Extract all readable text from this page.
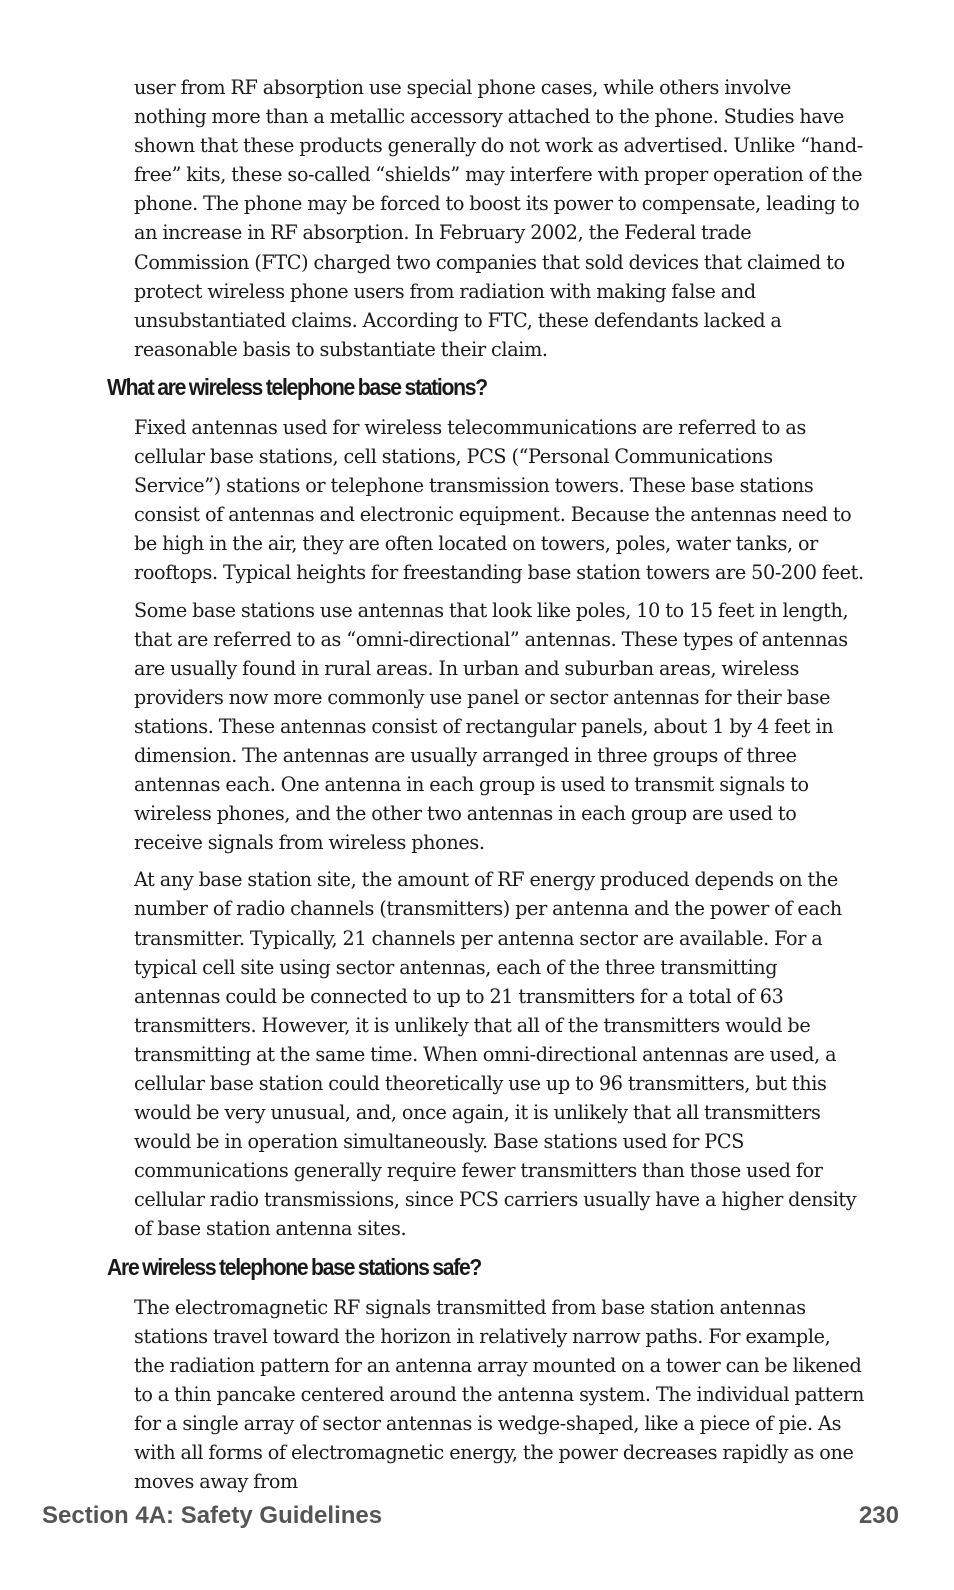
user from RF absorption use special phone cases, while others involve nothing more than a metallic accessory attached to the phone. Studies have shown that these products generally do not work as advertised. Unlike “hand-free” kits, these so-called “shields” may interfere with proper operation of the phone. The phone may be forced to boost its power to compensate, leading to an increase in RF absorption. In February 2002, the Federal trade Commission (FTC) charged two companies that sold devices that claimed to protect wireless phone users from radiation with making false and unsubstantiated claims. According to FTC, these defendants lacked a reasonable basis to substantiate their claim.

What are wireless telephone base stations?

Fixed antennas used for wireless telecommunications are referred to as cellular base stations, cell stations, PCS (“Personal Communications Service”) stations or telephone transmission towers. These base stations consist of antennas and electronic equipment. Because the antennas need to be high in the air, they are often located on towers, poles, water tanks, or rooftops. Typical heights for freestanding base station towers are 50-200 feet.

Some base stations use antennas that look like poles, 10 to 15 feet in length, that are referred to as “omni-directional” antennas. These types of antennas are usually found in rural areas. In urban and suburban areas, wireless providers now more commonly use panel or sector antennas for their base stations. These antennas consist of rectangular panels, about 1 by 4 feet in dimension. The antennas are usually arranged in three groups of three antennas each. One antenna in each group is used to transmit signals to wireless phones, and the other two antennas in each group are used to receive signals from wireless phones.

At any base station site, the amount of RF energy produced depends on the number of radio channels (transmitters) per antenna and the power of each transmitter. Typically, 21 channels per antenna sector are available. For a typical cell site using sector antennas, each of the three transmitting antennas could be connected to up to 21 transmitters for a total of 63 transmitters. However, it is unlikely that all of the transmitters would be transmitting at the same time. When omni-directional antennas are used, a cellular base station could theoretically use up to 96 transmitters, but this would be very unusual, and, once again, it is unlikely that all transmitters would be in operation simultaneously. Base stations used for PCS communications generally require fewer transmitters than those used for cellular radio transmissions, since PCS carriers usually have a higher density of base station antenna sites.

Are wireless telephone base stations safe?

The electromagnetic RF signals transmitted from base station antennas stations travel toward the horizon in relatively narrow paths. For example, the radiation pattern for an antenna array mounted on a tower can be likened to a thin pancake centered around the antenna system. The individual pattern for a single array of sector antennas is wedge-shaped, like a piece of pie. As with all forms of electromagnetic energy, the power decreases rapidly as one moves away from

Section 4A: Safety Guidelines	230
